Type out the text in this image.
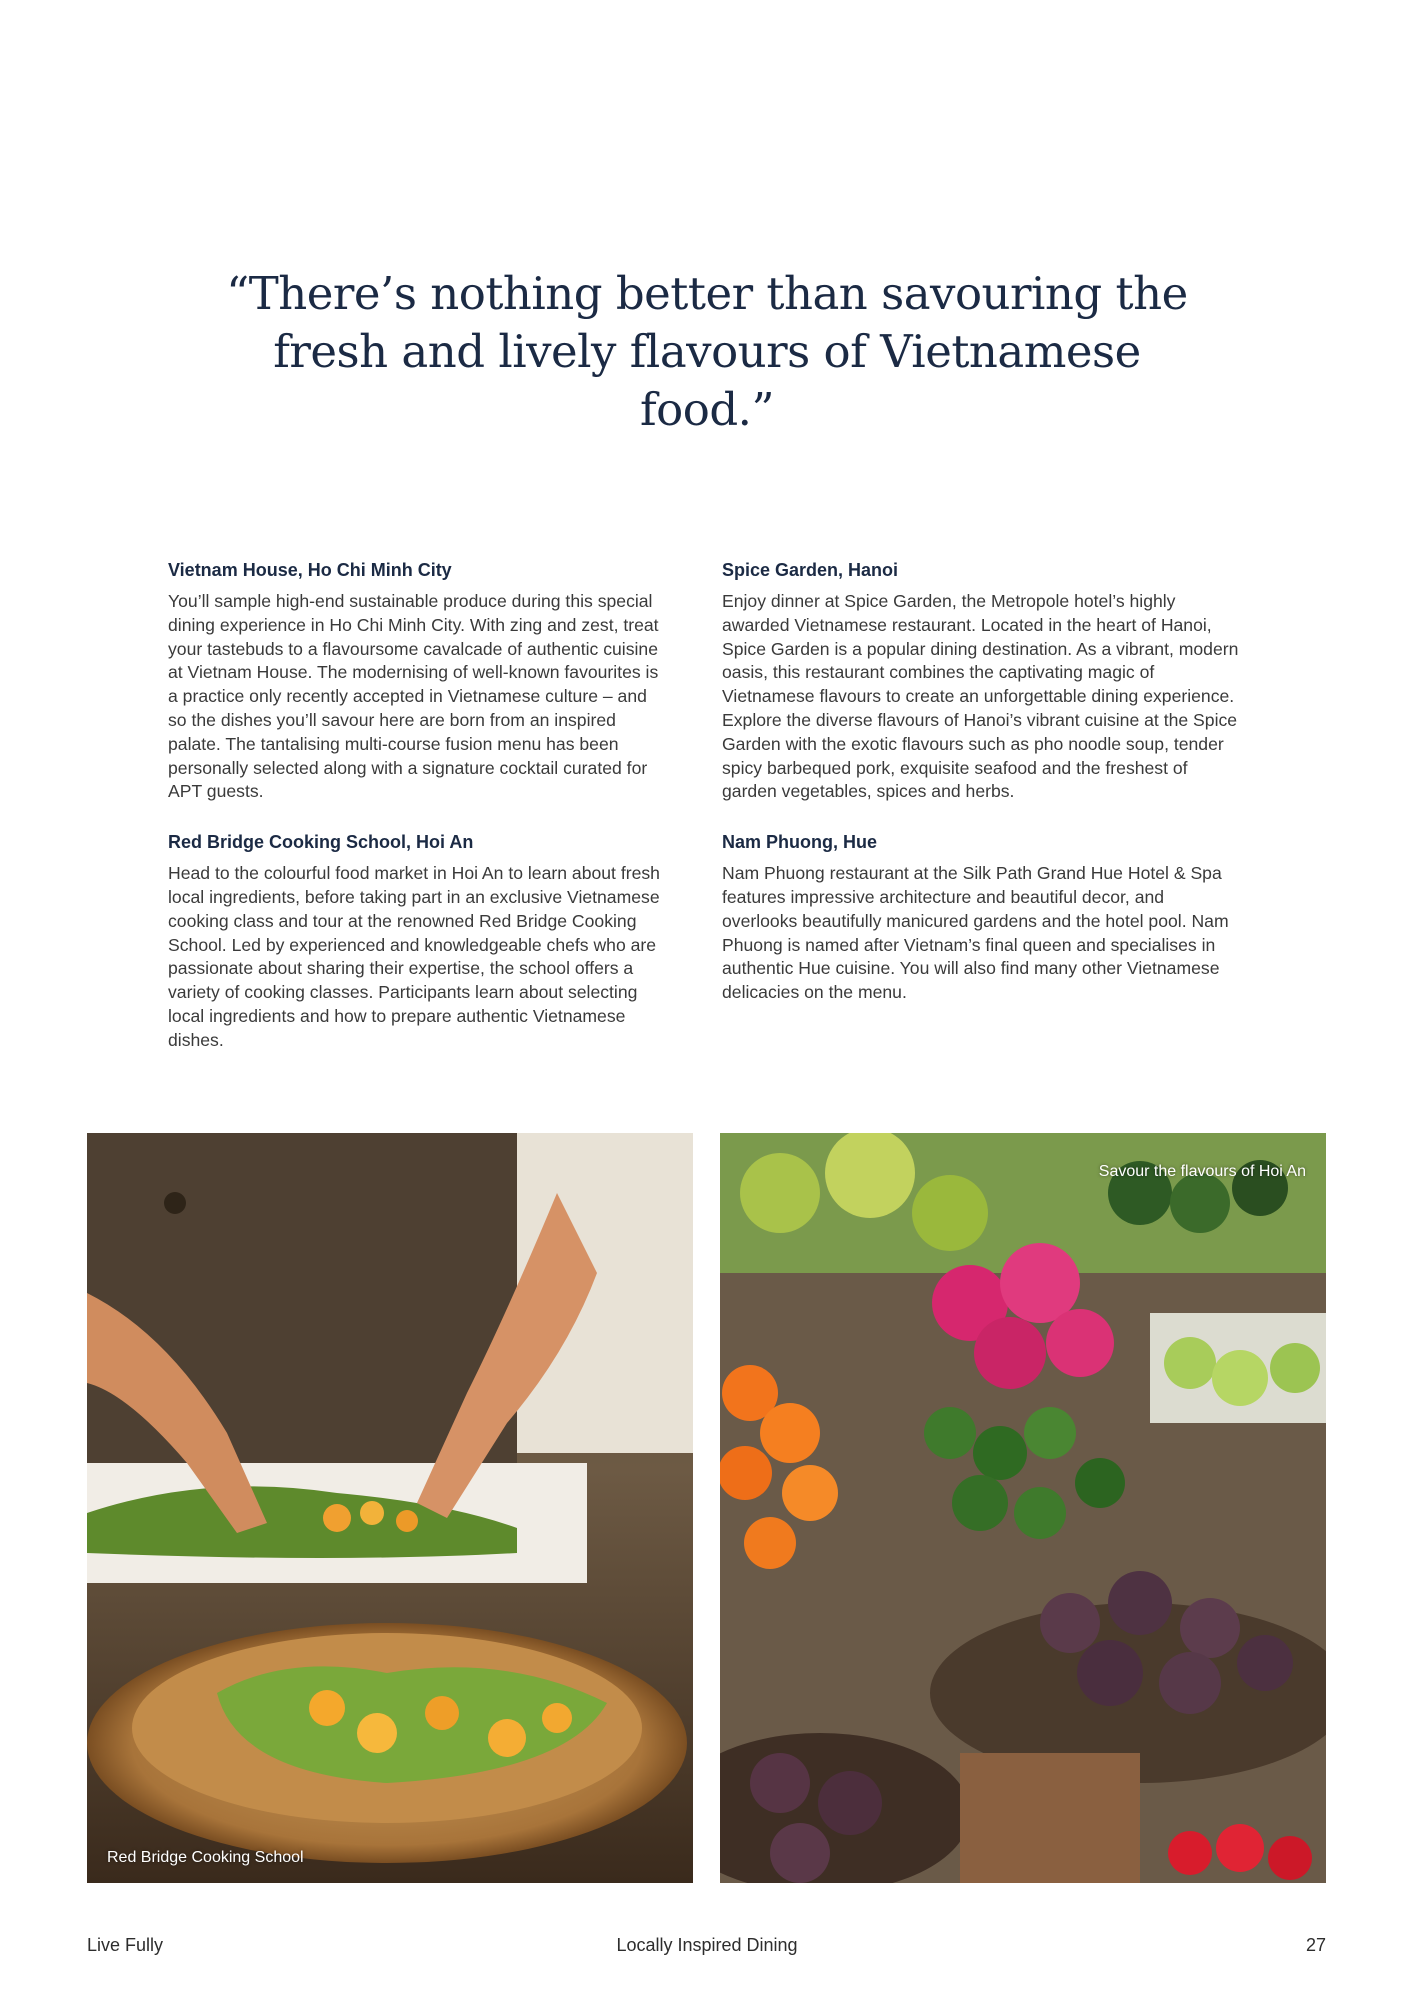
“There’s nothing better than savouring the
fresh and lively flavours of Vietnamese food.”
Vietnam House, Ho Chi Minh City

You’ll sample high-end sustainable produce during this special dining experience in Ho Chi Minh City. With zing and zest, treat your tastebuds to a flavoursome cavalcade of authentic cuisine at Vietnam House. The modernising of well-known favourites is a practice only recently accepted in Vietnamese culture – and so the dishes you’ll savour here are born from an inspired palate. The tantalising multi-course fusion menu has been personally selected along with a signature cocktail curated for APT guests.

Red Bridge Cooking School, Hoi An

Head to the colourful food market in Hoi An to learn about fresh local ingredients, before taking part in an exclusive Vietnamese cooking class and tour at the renowned Red Bridge Cooking School. Led by experienced and knowledgeable chefs who are passionate about sharing their expertise, the school offers a variety of cooking classes. Participants learn about selecting local ingredients and how to prepare authentic Vietnamese dishes.

Spice Garden, Hanoi

Enjoy dinner at Spice Garden, the Metropole hotel’s highly awarded Vietnamese restaurant. Located in the heart of Hanoi, Spice Garden is a popular dining destination. As a vibrant, modern oasis, this restaurant combines the captivating magic of Vietnamese flavours to create an unforgettable dining experience. Explore the diverse flavours of Hanoi’s vibrant cuisine at the Spice Garden with the exotic flavours such as pho noodle soup, tender spicy barbequed pork, exquisite seafood and the freshest of garden vegetables, spices and herbs.

Nam Phuong, Hue

Nam Phuong restaurant at the Silk Path Grand Hue Hotel & Spa features impressive architecture and beautiful decor, and overlooks beautifully manicured gardens and the hotel pool. Nam Phuong is named after Vietnam’s final queen and specialises in authentic Hue cuisine. You will also find many other Vietnamese delicacies on the menu.

Red Bridge Cooking School
Savour the flavours of Hoi An
Live Fully	Locally Inspired Dining	27
